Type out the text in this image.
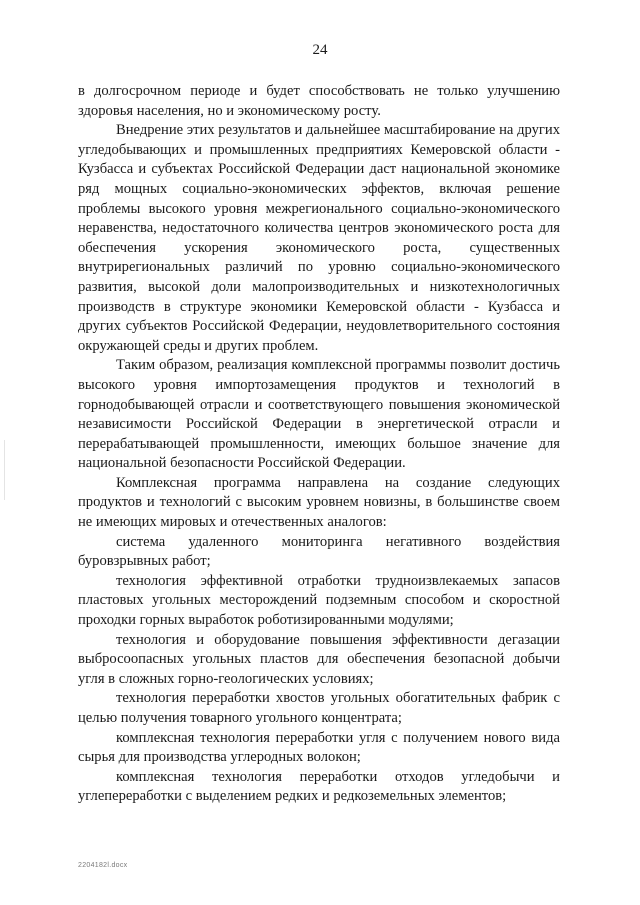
24

в долгосрочном периоде и будет способствовать не только улучшению здоровья населения, но и экономическому росту.

Внедрение этих результатов и дальнейшее масштабирование на других угледобывающих и промышленных предприятиях Кемеровской области - Кузбасса и субъектах Российской Федерации даст национальной экономике ряд мощных социально-экономических эффектов, включая решение проблемы высокого уровня межрегионального социально-экономического неравенства, недостаточного количества центров экономического роста для обеспечения ускорения экономического роста, существенных внутрирегиональных различий по уровню социально-экономического развития, высокой доли малопроизводительных и низкотехнологичных производств в структуре экономики Кемеровской области - Кузбасса и других субъектов Российской Федерации, неудовлетворительного состояния окружающей среды и других проблем.

Таким образом, реализация комплексной программы позволит достичь высокого уровня импортозамещения продуктов и технологий в горнодобывающей отрасли и соответствующего повышения экономической независимости Российской Федерации в энергетической отрасли и перерабатывающей промышленности, имеющих большое значение для национальной безопасности Российской Федерации.

Комплексная программа направлена на создание следующих продуктов и технологий с высоким уровнем новизны, в большинстве своем не имеющих мировых и отечественных аналогов:

система удаленного мониторинга негативного воздействия буровзрывных работ;

технология эффективной отработки трудноизвлекаемых запасов пластовых угольных месторождений подземным способом и скоростной проходки горных выработок роботизированными модулями;

технология и оборудование повышения эффективности дегазации выбросоопасных угольных пластов для обеспечения безопасной добычи угля в сложных горно-геологических условиях;

технология переработки хвостов угольных обогатительных фабрик с целью получения товарного угольного концентрата;

комплексная технология переработки угля с получением нового вида сырья для производства углеродных волокон;

комплексная технология переработки отходов угледобычи и углепереработки с выделением редких и редкоземельных элементов;

2204182l.docx
